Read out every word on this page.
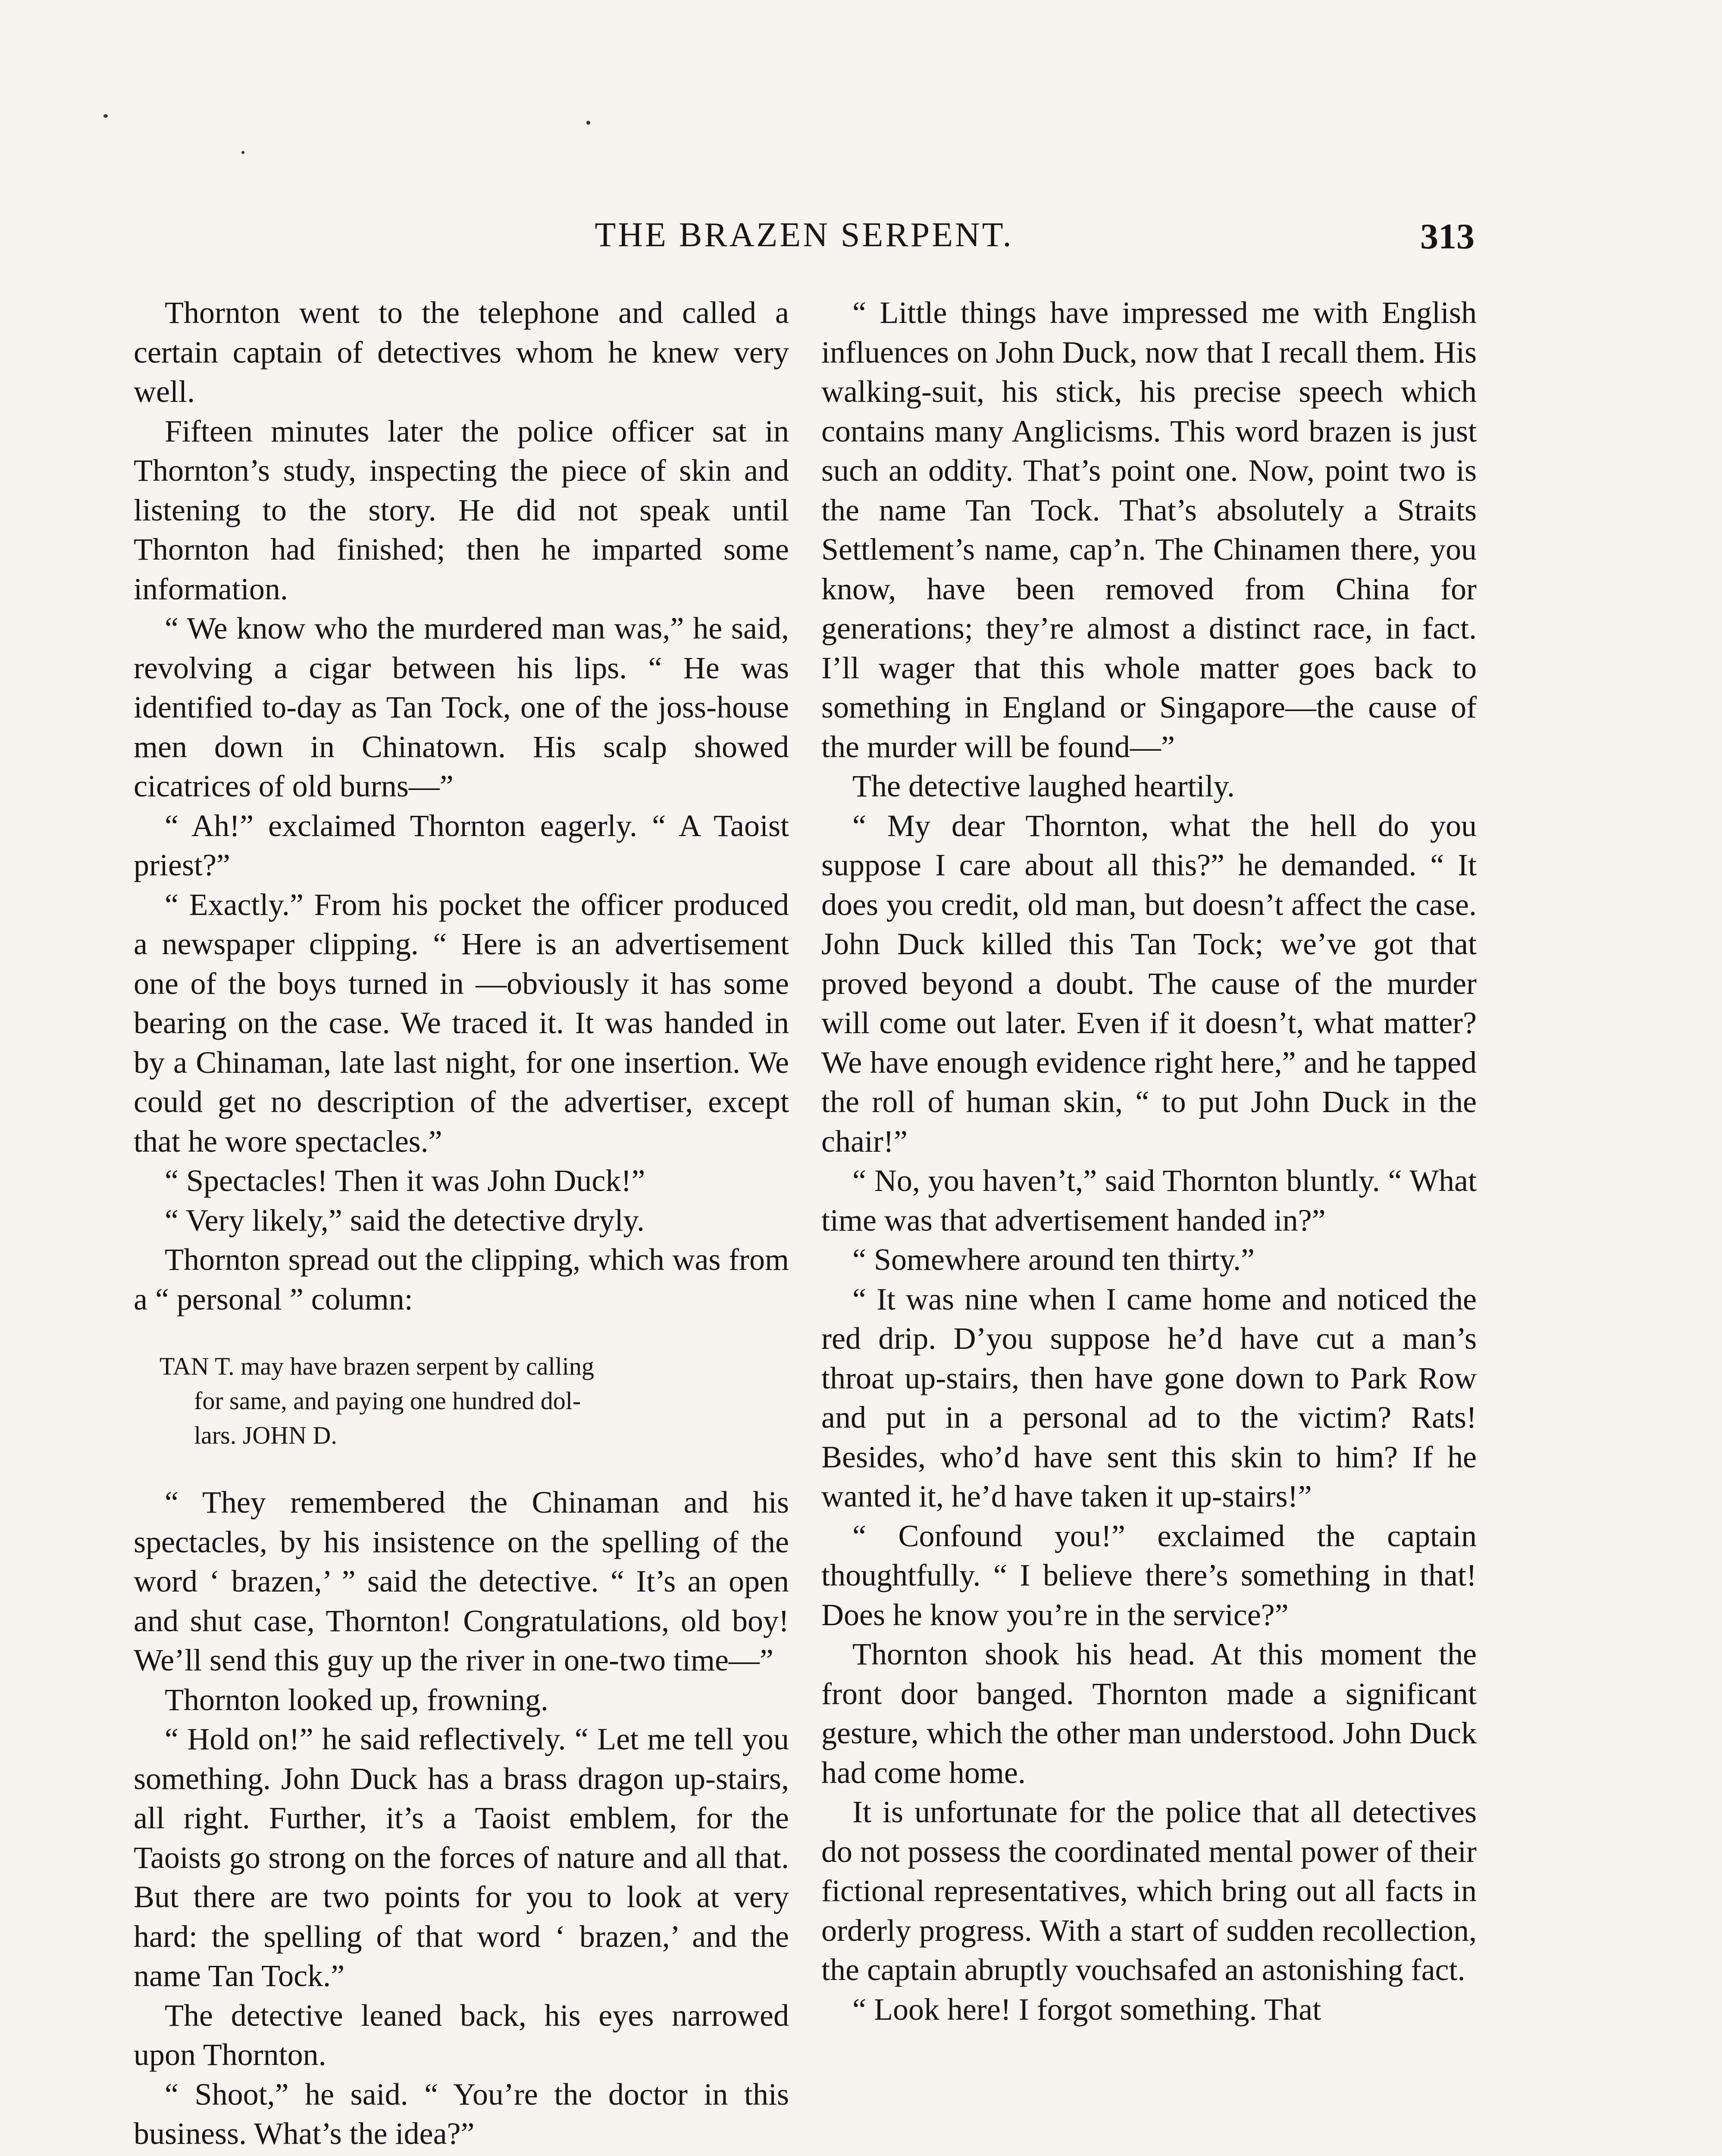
THE BRAZEN SERPENT.	313

Thornton went to the telephone and called a certain captain of detectives whom he knew very well.

Fifteen minutes later the police officer sat in Thornton’s study, inspecting the piece of skin and listening to the story. He did not speak until Thornton had finished; then he imparted some information.

“ We know who the murdered man was,” he said, revolving a cigar between his lips. “ He was identified to-day as Tan Tock, one of the joss-house men down in Chinatown. His scalp showed cicatrices of old burns—”

“ Ah!” exclaimed Thornton eagerly. “ A Taoist priest?”

“ Exactly.” From his pocket the officer produced a newspaper clipping. “ Here is an advertisement one of the boys turned in —obviously it has some bearing on the case. We traced it. It was handed in by a Chinaman, late last night, for one insertion. We could get no description of the advertiser, except that he wore spectacles.”

“ Spectacles! Then it was John Duck!”

“ Very likely,” said the detective dryly.

Thornton spread out the clipping, which was from a “ personal ” column:

TAN T. may have brazen serpent by calling
for same, and paying one hundred dol-
lars. JOHN D.

“ They remembered the Chinaman and his spectacles, by his insistence on the spelling of the word ‘ brazen,’ ” said the detective. “ It’s an open and shut case, Thornton! Congratulations, old boy! We’ll send this guy up the river in one-two time—”

Thornton looked up, frowning.

“ Hold on!” he said reflectively. “ Let me tell you something. John Duck has a brass dragon up-stairs, all right. Further, it’s a Taoist emblem, for the Taoists go strong on the forces of nature and all that. But there are two points for you to look at very hard: the spelling of that word ‘ brazen,’ and the name Tan Tock.”

The detective leaned back, his eyes narrowed upon Thornton.

“ Shoot,” he said. “ You’re the doctor in this business. What’s the idea?”

“ Little things have impressed me with English influences on John Duck, now that I recall them. His walking-suit, his stick, his precise speech which contains many Anglicisms. This word brazen is just such an oddity. That’s point one. Now, point two is the name Tan Tock. That’s absolutely a Straits Settlement’s name, cap’n. The Chinamen there, you know, have been removed from China for generations; they’re almost a distinct race, in fact. I’ll wager that this whole matter goes back to something in England or Singapore—the cause of the murder will be found—”

The detective laughed heartily.

“ My dear Thornton, what the hell do you suppose I care about all this?” he demanded. “ It does you credit, old man, but doesn’t affect the case. John Duck killed this Tan Tock; we’ve got that proved beyond a doubt. The cause of the murder will come out later. Even if it doesn’t, what matter? We have enough evidence right here,” and he tapped the roll of human skin, “ to put John Duck in the chair!”

“ No, you haven’t,” said Thornton bluntly. “ What time was that advertisement handed in?”

“ Somewhere around ten thirty.”

“ It was nine when I came home and noticed the red drip. D’you suppose he’d have cut a man’s throat up-stairs, then have gone down to Park Row and put in a personal ad to the victim? Rats! Besides, who’d have sent this skin to him? If he wanted it, he’d have taken it up-stairs!”

“ Confound you!” exclaimed the captain thoughtfully. “ I believe there’s something in that! Does he know you’re in the service?”

Thornton shook his head. At this moment the front door banged. Thornton made a significant gesture, which the other man understood. John Duck had come home.

It is unfortunate for the police that all detectives do not possess the coordinated mental power of their fictional representatives, which bring out all facts in orderly progress. With a start of sudden recollection, the captain abruptly vouchsafed an astonishing fact.

“ Look here! I forgot something. That
